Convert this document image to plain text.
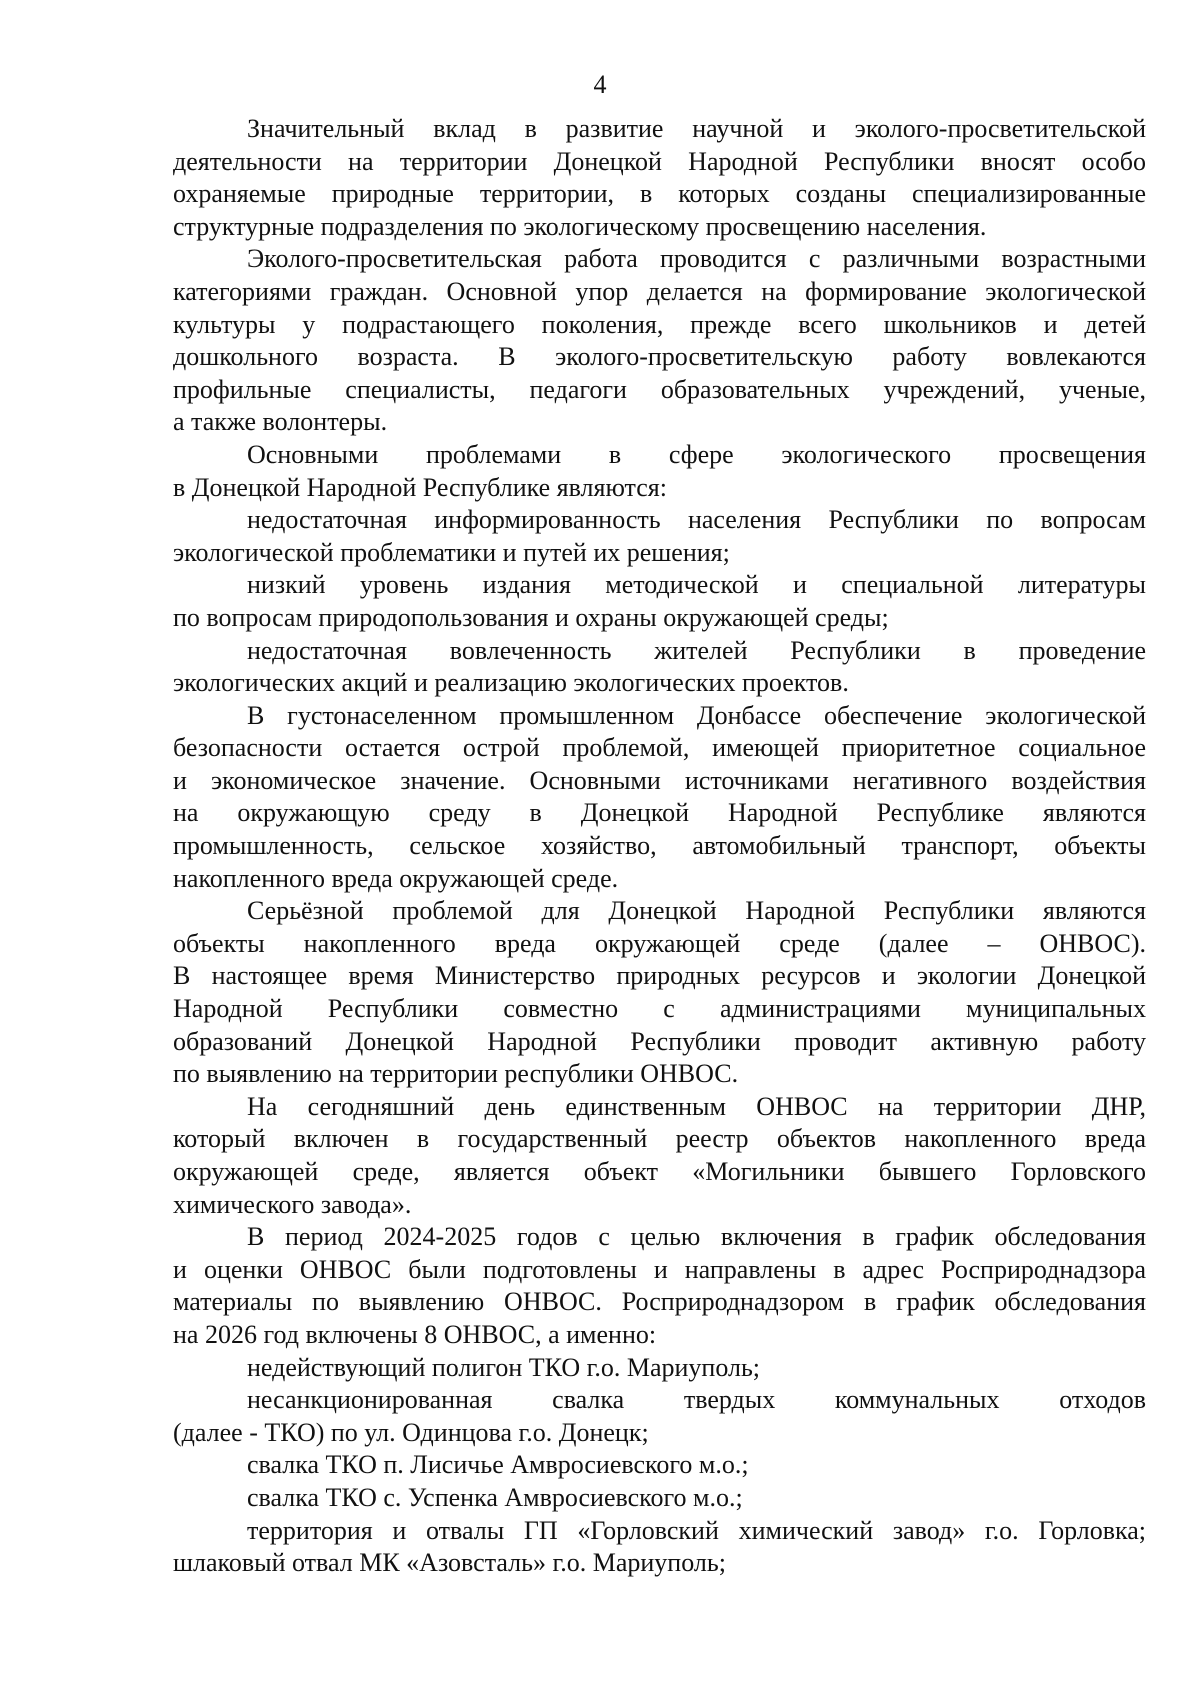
4
Значительный вклад в развитие научной и эколого-просветительской
деятельности на территории Донецкой Народной Республики вносят особо
охраняемые природные территории, в которых созданы специализированные
структурные подразделения по экологическому просвещению населения.
Эколого-просветительская работа проводится с различными возрастными
категориями граждан. Основной упор делается на формирование экологической
культуры у подрастающего поколения, прежде всего школьников и детей
дошкольного возраста. В эколого-просветительскую работу вовлекаются
профильные специалисты, педагоги образовательных учреждений, ученые,
а также волонтеры.
Основными проблемами в сфере экологического просвещения
в Донецкой Народной Республике являются:
недостаточная информированность населения Республики по вопросам
экологической проблематики и путей их решения;
низкий уровень издания методической и специальной литературы
по вопросам природопользования и охраны окружающей среды;
недостаточная вовлеченность жителей Республики в проведение
экологических акций и реализацию экологических проектов.
В густонаселенном промышленном Донбассе обеспечение экологической
безопасности остается острой проблемой, имеющей приоритетное социальное
и экономическое значение. Основными источниками негативного воздействия
на окружающую среду в Донецкой Народной Республике являются
промышленность, сельское хозяйство, автомобильный транспорт, объекты
накопленного вреда окружающей среде.
Серьёзной проблемой для Донецкой Народной Республики являются
объекты накопленного вреда окружающей среде (далее – ОНВОС).
В настоящее время Министерство природных ресурсов и экологии Донецкой
Народной Республики совместно с администрациями муниципальных
образований Донецкой Народной Республики проводит активную работу
по выявлению на территории республики ОНВОС.
На сегодняшний день единственным ОНВОС на территории ДНР,
который включен в государственный реестр объектов накопленного вреда
окружающей среде, является объект «Могильники бывшего Горловского
химического завода».
В период 2024-2025 годов с целью включения в график обследования
и оценки ОНВОС были подготовлены и направлены в адрес Росприроднадзора
материалы по выявлению ОНВОС. Росприроднадзором в график обследования
на 2026 год включены 8 ОНВОС, а именно:
недействующий полигон ТКО г.о. Мариуполь;
несанкционированная свалка твердых коммунальных отходов
(далее - ТКО) по ул. Одинцова г.о. Донецк;
свалка ТКО п. Лисичье Амвросиевского м.о.;
свалка ТКО с. Успенка Амвросиевского м.о.;
территория и отвалы ГП «Горловский химический завод» г.о. Горловка;
шлаковый отвал МК «Азовсталь» г.о. Мариуполь;
